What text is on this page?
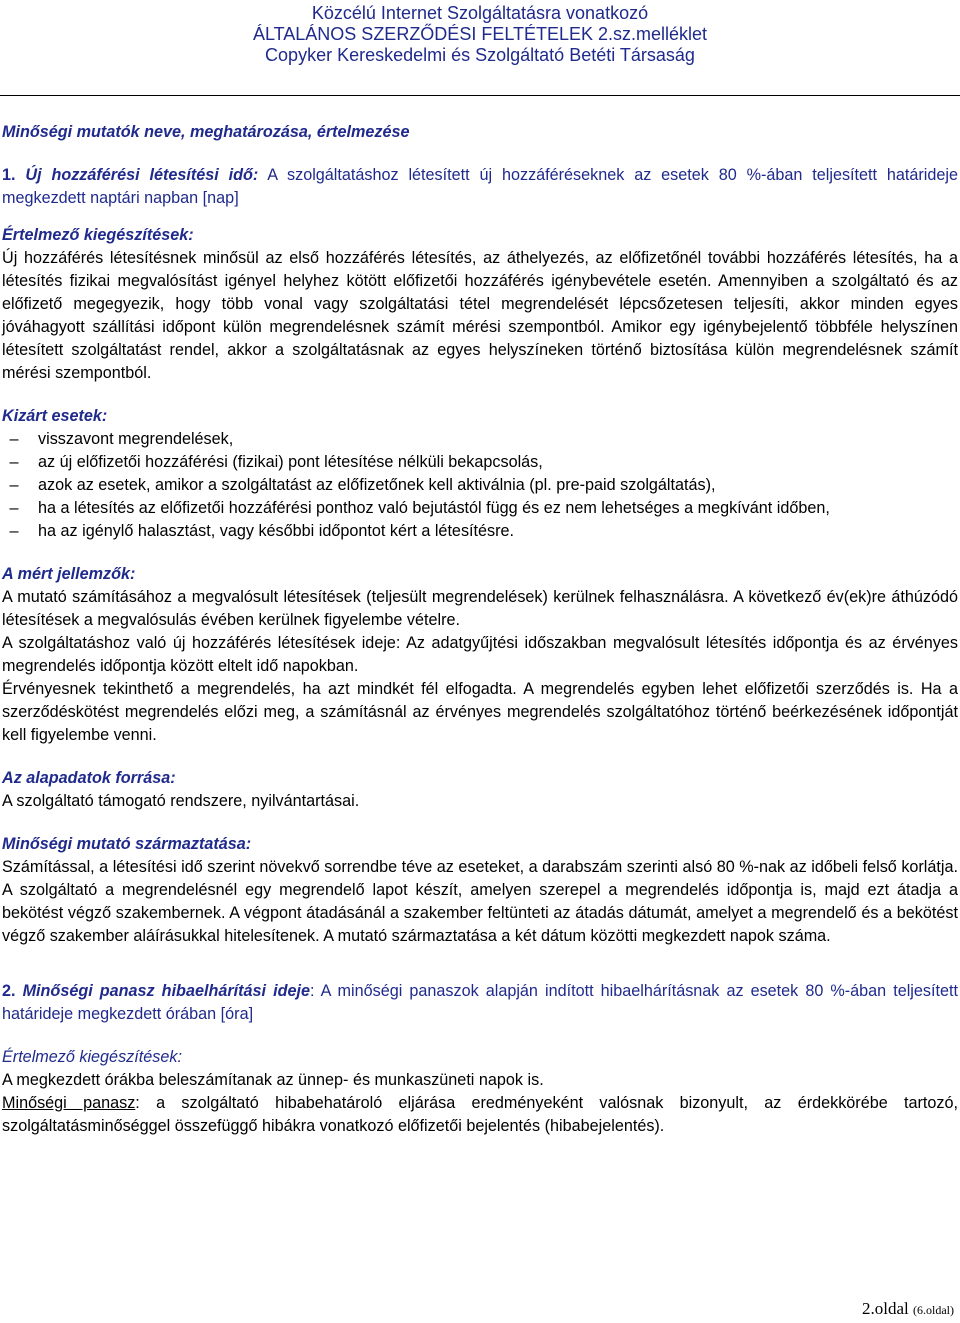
Közcélú Internet Szolgáltatásra vonatkozó
ÁLTALÁNOS SZERZŐDÉSI FELTÉTELEK 2.sz.melléklet
Copyker Kereskedelmi és Szolgáltató Betéti Társaság

Minőségi mutatók neve, meghatározása, értelmezése

1. Új hozzáférési létesítési idő: A szolgáltatáshoz létesített új hozzáféréseknek az esetek 80 %-ában teljesített határideje megkezdett naptári napban [nap]

Értelmező kiegészítések:

Új hozzáférés létesítésnek minősül az első hozzáférés létesítés, az áthelyezés, az előfizetőnél további hozzáférés létesítés, ha a létesítés fizikai megvalósítást igényel helyhez kötött előfizetői hozzáférés igénybevétele esetén. Amennyiben a szolgáltató és az előfizető megegyezik, hogy több vonal vagy szolgáltatási tétel megrendelését lépcsőzetesen teljesíti, akkor minden egyes jóváhagyott szállítási időpont külön megrendelésnek számít mérési szempontból. Amikor egy igénybejelentő többféle helyszínen létesített szolgáltatást rendel, akkor a szolgáltatásnak az egyes helyszíneken történő biztosítása külön megrendelésnek számít mérési szempontból.

Kizárt esetek:

–	visszavont megrendelések,
–	az új előfizetői hozzáférési (fizikai) pont létesítése nélküli bekapcsolás,
–	azok az esetek, amikor a szolgáltatást az előfizetőnek kell aktiválnia (pl. pre-paid szolgáltatás),
–	ha a létesítés az előfizetői hozzáférési ponthoz való bejutástól függ és ez nem lehetséges a megkívánt időben,
–	ha az igénylő halasztást, vagy későbbi időpontot kért a létesítésre.

A mért jellemzők:

A mutató számításához a megvalósult létesítések (teljesült megrendelések) kerülnek felhasználásra. A következő év(ek)re áthúzódó létesítések a megvalósulás évében kerülnek figyelembe vételre.

A szolgáltatáshoz való új hozzáférés létesítések ideje: Az adatgyűjtési időszakban megvalósult létesítés időpontja és az érvényes megrendelés időpontja között eltelt idő napokban.

Érvényesnek tekinthető a megrendelés, ha azt mindkét fél elfogadta. A megrendelés egyben lehet előfizetői szerződés is. Ha a szerződéskötést megrendelés előzi meg, a számításnál az érvényes megrendelés szolgáltatóhoz történő beérkezésének időpontját kell figyelembe venni.

Az alapadatok forrása:

A szolgáltató támogató rendszere, nyilvántartásai.

Minőségi mutató származtatása:

Számítással, a létesítési idő szerint növekvő sorrendbe téve az eseteket, a darabszám szerinti alsó 80 %-nak az időbeli felső korlátja. A szolgáltató a megrendelésnél egy megrendelő lapot készít, amelyen szerepel a megrendelés időpontja is, majd ezt átadja a bekötést végző szakembernek. A végpont átadásánál a szakember feltünteti az átadás dátumát, amelyet a megrendelő és a bekötést végző szakember aláírásukkal hitelesítenek. A mutató származtatása a két dátum közötti megkezdett napok száma.

2. Minőségi panasz hibaelhárítási ideje: A minőségi panaszok alapján indított hibaelhárításnak az esetek 80 %-ában teljesített határideje megkezdett órában [óra]

Értelmező kiegészítések:

A megkezdett órákba beleszámítanak az ünnep- és munkaszüneti napok is.

Minőségi panasz: a szolgáltató hibabehatároló eljárása eredményeként valósnak bizonyult, az érdekkörébe tartozó, szolgáltatásminőséggel összefüggő hibákra vonatkozó előfizetői bejelentés (hibabejelentés).

2.oldal (6.oldal)
